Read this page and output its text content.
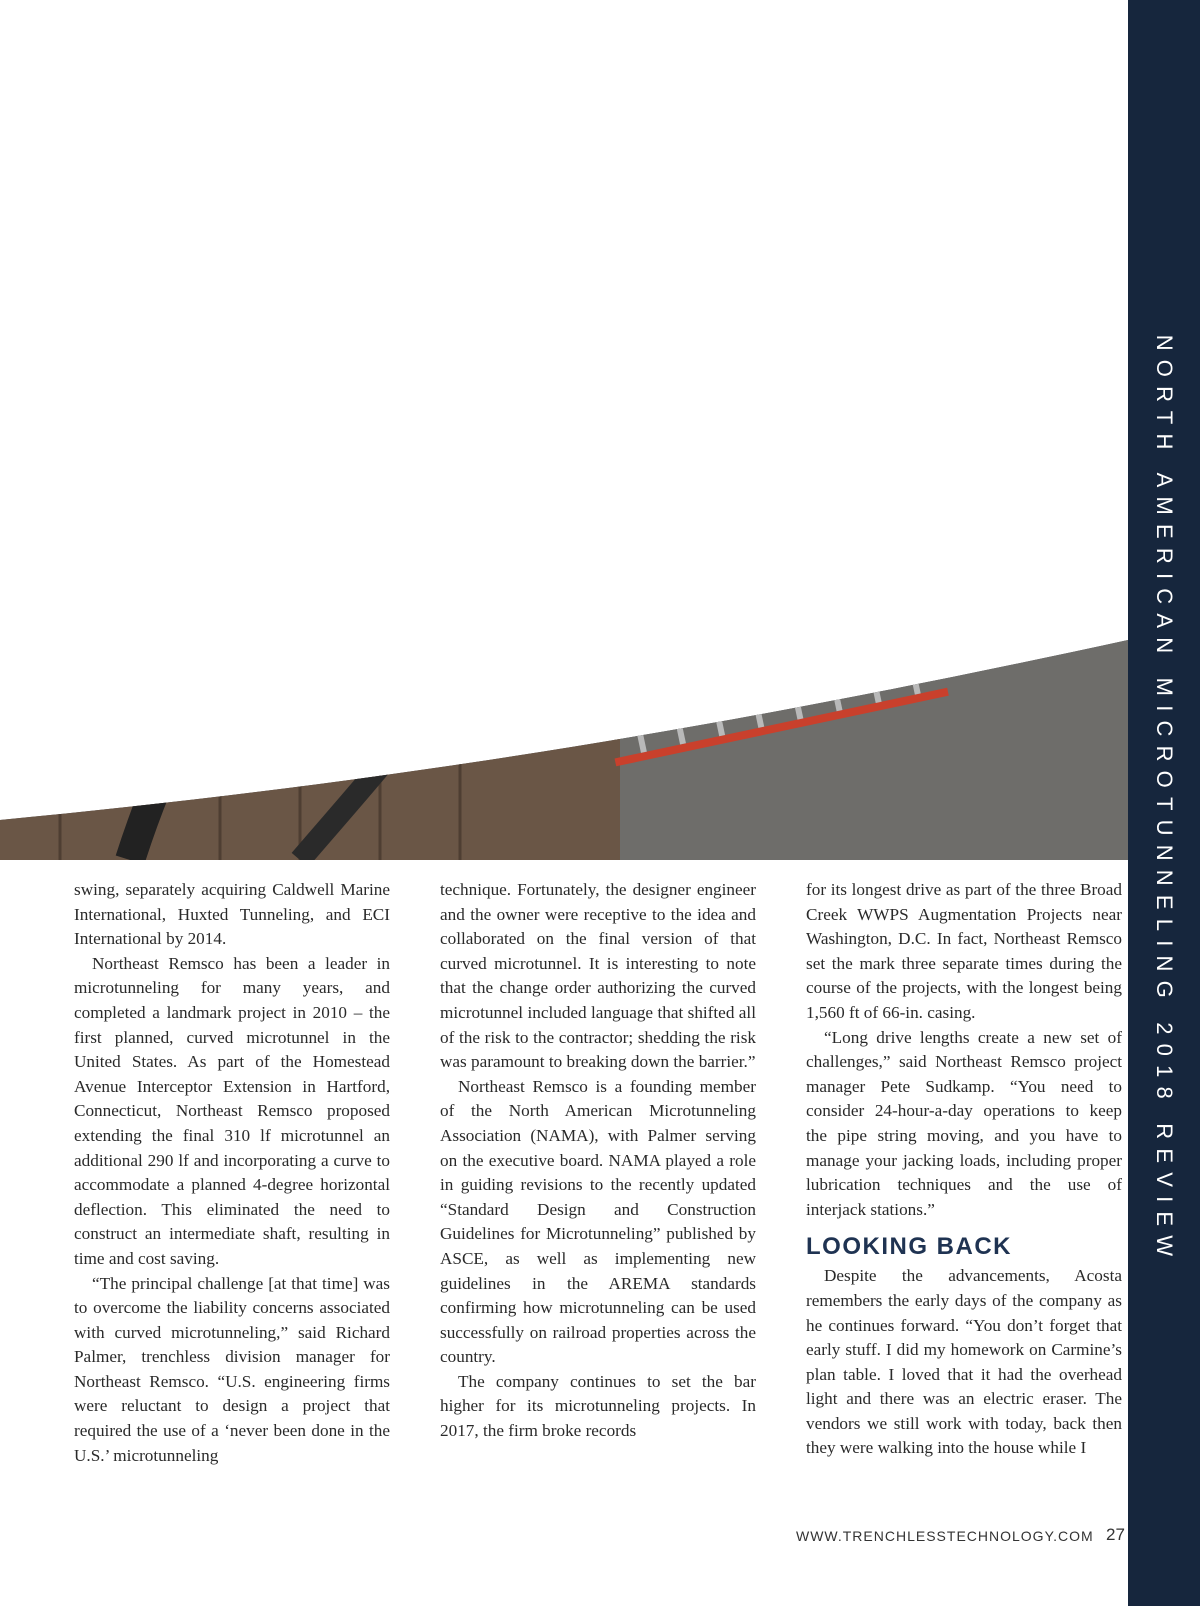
NORTH AMERICAN MICROTUNNELING 2018 REVIEW

swing, separately acquiring Caldwell Marine International, Huxted Tunneling, and ECI International by 2014.

Northeast Remsco has been a leader in microtunneling for many years, and completed a landmark project in 2010 – the first planned, curved microtunnel in the United States. As part of the Homestead Avenue Interceptor Extension in Hartford, Connecticut, Northeast Remsco proposed extending the final 310 lf microtunnel an additional 290 lf and incorporating a curve to accommodate a planned 4-degree horizontal deflection. This eliminated the need to construct an intermediate shaft, resulting in time and cost saving.

“The principal challenge [at that time] was to overcome the liability concerns associated with curved microtunneling,” said Richard Palmer, trenchless division manager for Northeast Remsco. “U.S. engineering firms were reluctant to design a project that required the use of a ‘never been done in the U.S.’ microtunneling

technique. Fortunately, the designer engineer and the owner were receptive to the idea and collaborated on the final version of that curved microtunnel. It is interesting to note that the change order authorizing the curved microtunnel included language that shifted all of the risk to the contractor; shedding the risk was paramount to breaking down the barrier.”

Northeast Remsco is a founding member of the North American Microtunneling Association (NAMA), with Palmer serving on the executive board. NAMA played a role in guiding revisions to the recently updated “Standard Design and Construction Guidelines for Microtunneling” published by ASCE, as well as implementing new guidelines in the AREMA standards confirming how microtunneling can be used successfully on railroad properties across the country.

The company continues to set the bar higher for its microtunneling projects. In 2017, the firm broke records

for its longest drive as part of the three Broad Creek WWPS Augmentation Projects near Washington, D.C. In fact, Northeast Remsco set the mark three separate times during the course of the projects, with the longest being 1,560 ft of 66-in. casing.

“Long drive lengths create a new set of challenges,” said Northeast Remsco project manager Pete Sudkamp. “You need to consider 24-hour-a-day operations to keep the pipe string moving, and you have to manage your jacking loads, including proper lubrication techniques and the use of interjack stations.”

LOOKING BACK

Despite the advancements, Acosta remembers the early days of the company as he continues forward. “You don’t forget that early stuff. I did my homework on Carmine’s plan table. I loved that it had the overhead light and there was an electric eraser. The vendors we still work with today, back then they were walking into the house while I

WWW.TRENCHLESSTECHNOLOGY.COM 27
